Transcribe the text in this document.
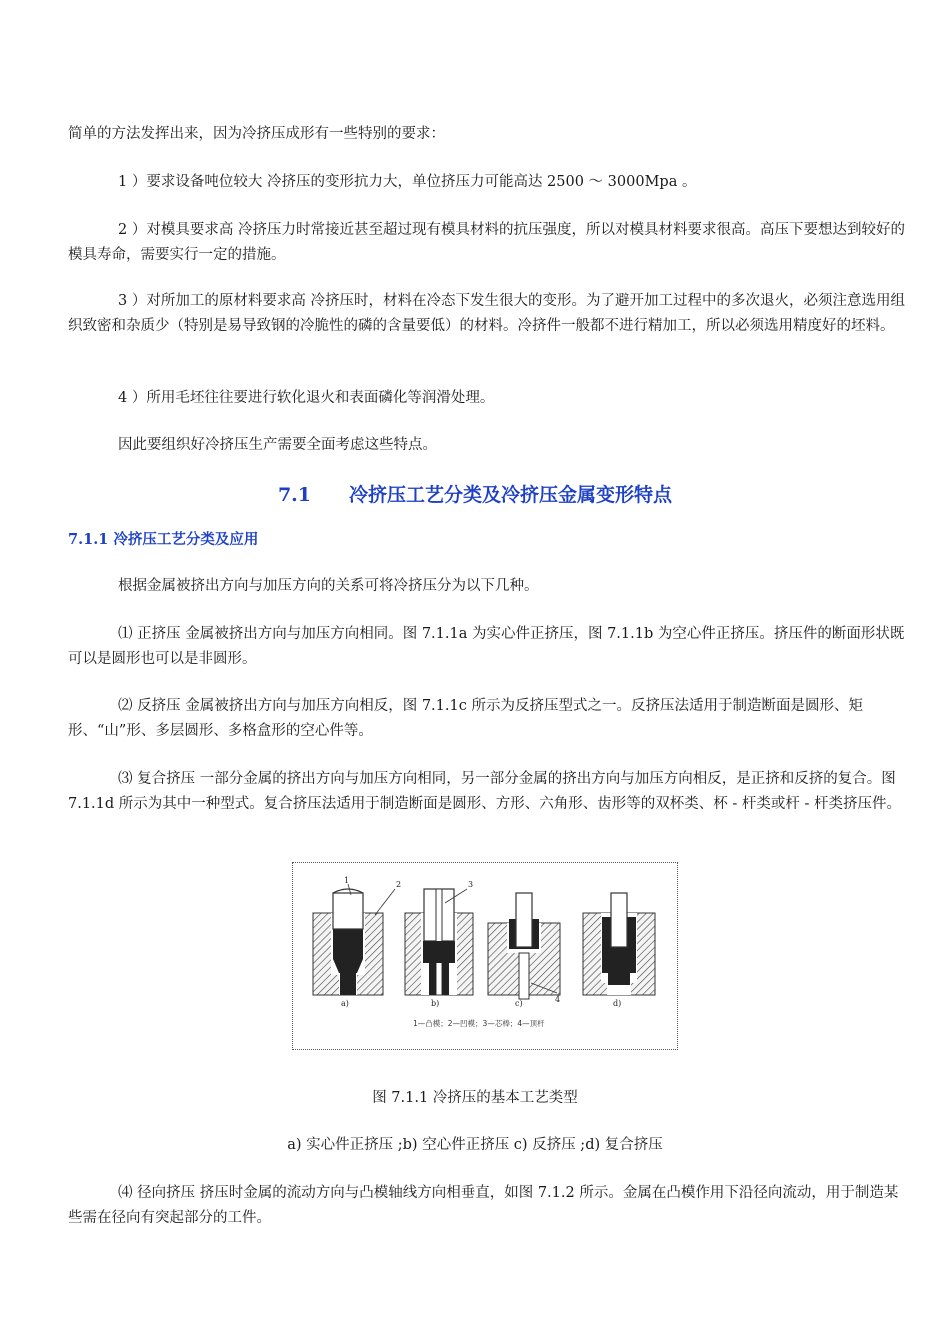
简单的方法发挥出来，因为冷挤压成形有一些特别的要求：

1 ）要求设备吨位较大 冷挤压的变形抗力大，单位挤压力可能高达 2500 ～ 3000Mpa 。

2 ）对模具要求高 冷挤压力时常接近甚至超过现有模具材料的抗压强度，所以对模具材料要求很高。高压下要想达到较好的模具寿命，需要实行一定的措施。

3 ）对所加工的原材料要求高 冷挤压时，材料在冷态下发生很大的变形。为了避开加工过程中的多次退火，必须注意选用组织致密和杂质少（特别是易导致钢的冷脆性的磷的含量要低）的材料。冷挤件一般都不进行精加工，所以必须选用精度好的坯料。

4 ）所用毛坯往往要进行软化退火和表面磷化等润滑处理。

因此要组织好冷挤压生产需要全面考虑这些特点。

7.1 冷挤压工艺分类及冷挤压金属变形特点
7.1.1 冷挤压工艺分类及应用

根据金属被挤出方向与加压方向的关系可将冷挤压分为以下几种。

⑴ 正挤压 金属被挤出方向与加压方向相同。图 7.1.1a 为实心件正挤压，图 7.1.1b 为空心件正挤压。挤压件的断面形状既可以是圆形也可以是非圆形。

⑵ 反挤压 金属被挤出方向与加压方向相反，图 7.1.1c 所示为反挤压型式之一。反挤压法适用于制造断面是圆形、矩形、“山”形、多层圆形、多格盒形的空心件等。

⑶ 复合挤压 一部分金属的挤出方向与加压方向相同，另一部分金属的挤出方向与加压方向相反，是正挤和反挤的复合。图 7.1.1d 所示为其中一种型式。复合挤压法适用于制造断面是圆形、方形、六角形、齿形等的双杯类、杯 - 杆类或杆 - 杆类挤压件。

1	2
a)
3
b)	4
c)	d)
1—凸模；2—凹模；3—芯棒；4—顶杆

图 7.1.1 冷挤压的基本工艺类型

a) 实心件正挤压 ;b) 空心件正挤压 c) 反挤压 ;d) 复合挤压

⑷ 径向挤压 挤压时金属的流动方向与凸模轴线方向相垂直，如图 7.1.2 所示。金属在凸模作用下沿径向流动，用于制造某些需在径向有突起部分的工件。
